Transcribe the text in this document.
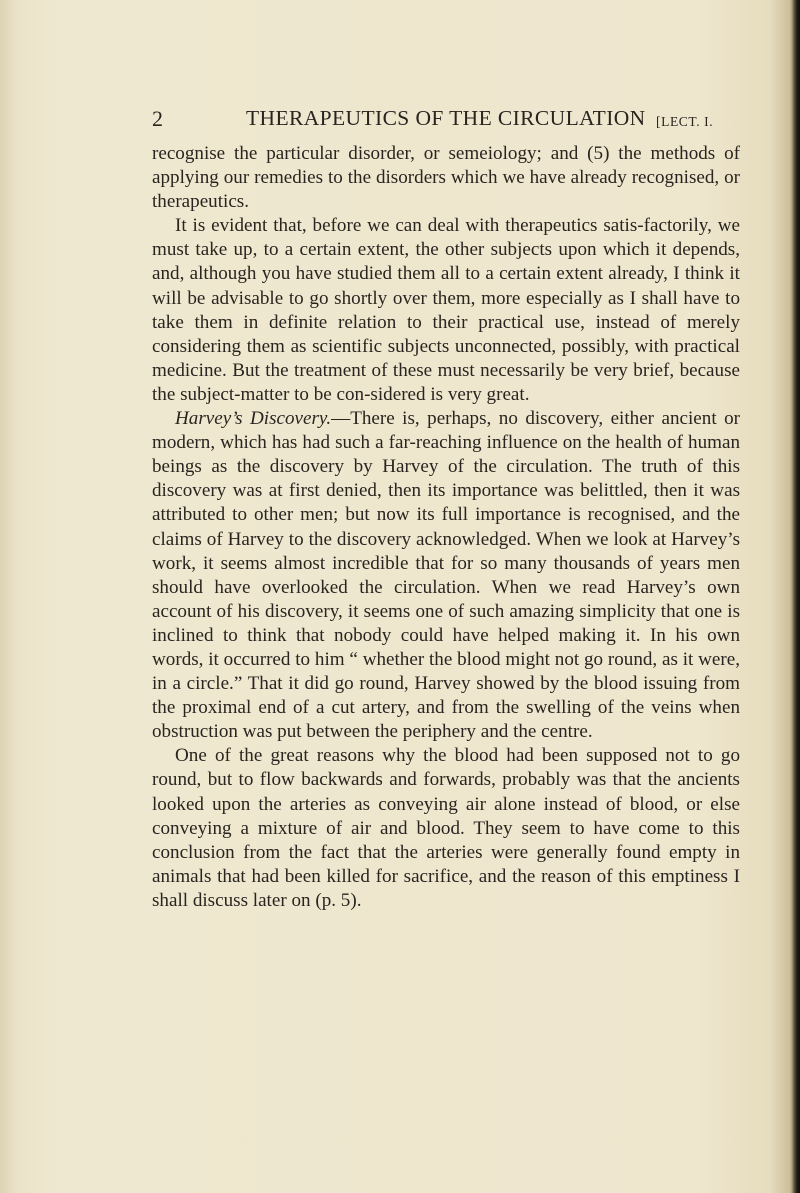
2	THERAPEUTICS OF THE CIRCULATION [LECT. I.

recognise the particular disorder, or semeiology; and (5) the methods of applying our remedies to the disorders which we have already recognised, or therapeutics.

It is evident that, before we can deal with therapeutics satis-factorily, we must take up, to a certain extent, the other subjects upon which it depends, and, although you have studied them all to a certain extent already, I think it will be advisable to go shortly over them, more especially as I shall have to take them in definite relation to their practical use, instead of merely considering them as scientific subjects unconnected, possibly, with practical medicine. But the treatment of these must necessarily be very brief, because the subject-matter to be con-sidered is very great.

Harvey’s Discovery.—There is, perhaps, no discovery, either ancient or modern, which has had such a far-reaching influence on the health of human beings as the discovery by Harvey of the circulation. The truth of this discovery was at first denied, then its importance was belittled, then it was attributed to other men; but now its full importance is recognised, and the claims of Harvey to the discovery acknowledged. When we look at Harvey’s work, it seems almost incredible that for so many thousands of years men should have overlooked the circulation. When we read Harvey’s own account of his discovery, it seems one of such amazing simplicity that one is inclined to think that nobody could have helped making it. In his own words, it occurred to him “ whether the blood might not go round, as it were, in a circle.” That it did go round, Harvey showed by the blood issuing from the proximal end of a cut artery, and from the swelling of the veins when obstruction was put between the periphery and the centre.

One of the great reasons why the blood had been supposed not to go round, but to flow backwards and forwards, probably was that the ancients looked upon the arteries as conveying air alone instead of blood, or else conveying a mixture of air and blood. They seem to have come to this conclusion from the fact that the arteries were generally found empty in animals that had been killed for sacrifice, and the reason of this emptiness I shall discuss later on (p. 5).
